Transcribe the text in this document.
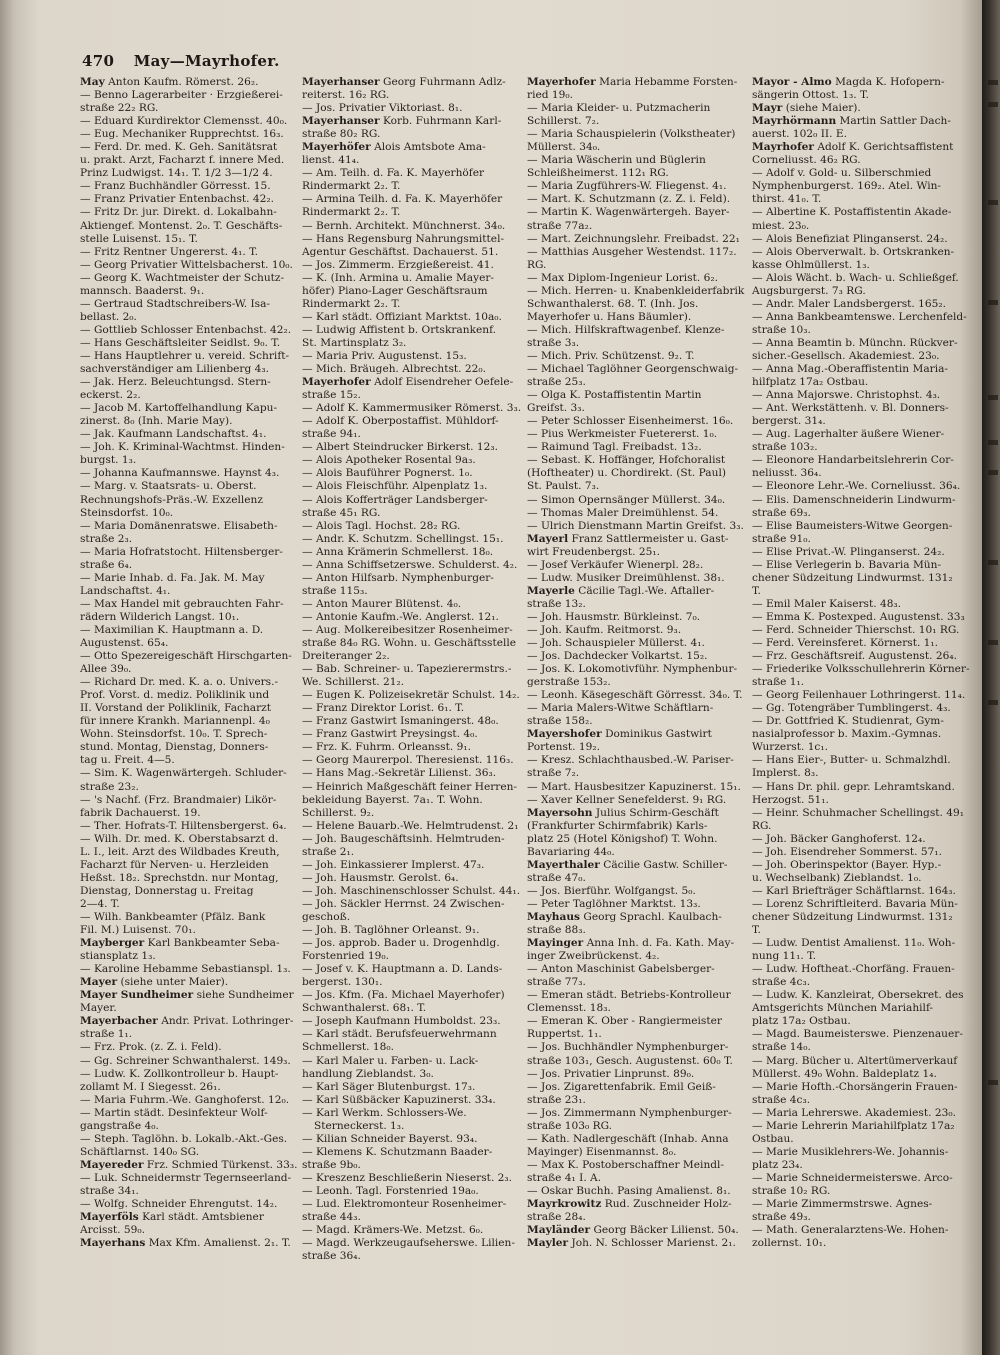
470 May—Mayrhofer.
May Anton Kaufm. Römerst. 26₂.
— Benno Lagerarbeiter · Erzgießerei-
straße 22₂ RG.
— Eduard Kurdirektor Clemensst. 40₀.
— Eug. Mechaniker Rupprechtst. 16₃.
— Ferd. Dr. med. K. Geh. Sanitätsrat
u. prakt. Arzt, Facharzt f. innere Med.
Prinz Ludwigst. 14₁. T. 1/2 3—1/2 4.
— Franz Buchhändler Görresst. 15.
— Franz Privatier Entenbachst. 42₂.
— Fritz Dr. jur. Direkt. d. Lokalbahn-
Aktiengef. Montenst. 2₀. T. Geschäfts-
stelle Luisenst. 15₁. T.
— Fritz Rentner Ungererst. 4₁. T.
— Georg Privatier Wittelsbacherst. 10₀.
— Georg K. Wachtmeister der Schutz-
mannsch. Baaderst. 9₁.
— Gertraud Stadtschreibers-W. Isa-
bellast. 2₀.
— Gottlieb Schlosser Entenbachst. 42₂.
— Hans Geschäftsleiter Seidlst. 9₀. T.
— Hans Hauptlehrer u. vereid. Schrift-
sachverständiger am Lilienberg 4₃.
— Jak. Herz. Beleuchtungsd. Stern-
eckerst. 2₂.
— Jacob M. Kartoffelhandlung Kapu-
zinerst. 8₀ (Inh. Marie May).
— Jak. Kaufmann Landschaftst. 4₁.
— Joh. K. Kriminal-Wachtmst. Hinden-
burgst. 1₃.
— Johanna Kaufmannswe. Haynst 4₃.
— Marg. v. Staatsrats- u. Oberst.
Rechnungshofs-Präs.-W. Exzellenz
Steinsdorfst. 10₀.
— Maria Domänenratswe. Elisabeth-
straße 2₃.
— Maria Hofratstocht. Hiltensberger-
straße 6₄.
— Marie Inhab. d. Fa. Jak. M. May
Landschaftst. 4₁.
— Max Handel mit gebrauchten Fahr-
rädern Wilderich Langst. 10₁.
— Maximilian K. Hauptmann a. D.
Augustenst. 65₄.
— Otto Spezereigeschäft Hirschgarten-
Allee 39₀.
— Richard Dr. med. K. a. o. Univers.-
Prof. Vorst. d. mediz. Poliklinik und
II. Vorstand der Poliklinik, Facharzt
für innere Krankh. Mariannenpl. 4₀
Wohn. Steinsdorfst. 10₀. T. Sprech-
stund. Montag, Dienstag, Donners-
tag u. Freit. 4—5.
— Sim. K. Wagenwärtergeh. Schluder-
straße 23₂.
— 's Nachf. (Frz. Brandmaier) Likör-
fabrik Dachauerst. 19.
— Ther. Hofrats-T. Hiltensbergerst. 6₄.
— Wilh. Dr. med. K. Oberstabsarzt d.
L. I., leit. Arzt des Wildbades Kreuth,
Facharzt für Nerven- u. Herzleiden
Heßst. 18₂. Sprechstdn. nur Montag,
Dienstag, Donnerstag u. Freitag
2—4. T.
— Wilh. Bankbeamter (Pfälz. Bank
Fil. M.) Luisenst. 70₁.
Mayberger Karl Bankbeamter Seba-
stiansplatz 1₃.
— Karoline Hebamme Sebastianspl. 1₃.
Mayer (siehe unter Maier).
Mayer Sundheimer siehe Sundheimer
Mayer.
Mayerbacher Andr. Privat. Lothringer-
straße 1₁.
— Frz. Prok. (z. Z. i. Feld).
— Gg. Schreiner Schwanthalerst. 149₃.
— Ludw. K. Zollkontrolleur b. Haupt-
zollamt M. I Siegesst. 26₁.
— Maria Fuhrm.-We. Ganghoferst. 12₀.
— Martin städt. Desinfekteur Wolf-
gangstraße 4₀.
— Steph. Taglöhn. b. Lokalb.-Akt.-Ges.
Schäftlarnst. 140₀ SG.
Mayereder Frz. Schmied Türkenst. 33₃.
— Luk. Schneidermstr Tegernseerland-
straße 34₁.
— Wolfg. Schneider Ehrengutst. 14₂.
Mayerföls Karl städt. Amtsbiener
Arcisst. 59₀.
Mayerhans Max Kfm. Amalienst. 2₁. T.
Mayerhanser Georg Fuhrmann Adlz-
reiterst. 16₂ RG.
— Jos. Privatier Viktoriast. 8₁.
Mayerhanser Korb. Fuhrmann Karl-
straße 80₂ RG.
Mayerhöfer Alois Amtsbote Ama-
lienst. 41₄.
— Am. Teilh. d. Fa. K. Mayerhöfer
Rindermarkt 2₂. T.
— Armina Teilh. d. Fa. K. Mayerhöfer
Rindermarkt 2₂. T.
— Bernh. Architekt. Münchnerst. 34₀.
— Hans Regensburg Nahrungsmittel-
Agentur Geschäftst. Dachauerst. 51.
— Jos. Zimmerm. Erzgießereist. 41.
— K. (Inh. Armina u. Amalie Mayer-
höfer) Piano-Lager Geschäftsraum
Rindermarkt 2₂. T.
— Karl städt. Offiziant Marktst. 10a₀.
— Ludwig Affistent b. Ortskrankenf.
St. Martinsplatz 3₂.
— Maria Priv. Augustenst. 15₃.
— Mich. Bräugeh. Albrechtst. 22₀.
Mayerhofer Adolf Eisendreher Oefele-
straße 15₂.
— Adolf K. Kammermusiker Römerst. 3₃.
— Adolf K. Oberpostaffist. Mühldorf-
straße 94₁.
— Albert Steindrucker Birkerst. 12₃.
— Alois Apotheker Rosental 9a₃.
— Alois Bauführer Pognerst. 1₀.
— Alois Fleischführ. Alpenplatz 1₃.
— Alois Kofferträger Landsberger-
straße 45₁ RG.
— Alois Tagl. Hochst. 28₂ RG.
— Andr. K. Schutzm. Schellingst. 15₁.
— Anna Krämerin Schmellerst. 18₀.
— Anna Schiffsetzerswe. Schulderst. 4₂.
— Anton Hilfsarb. Nymphenburger-
straße 115₃.
— Anton Maurer Blütenst. 4₀.
— Antonie Kaufm.-We. Anglerst. 12₁.
— Aug. Molkereibesitzer Rosenheimer-
straße 84₀ RG. Wohn. u. Geschäftsstelle
Dreiteranger 2₂.
— Bab. Schreiner- u. Tapezierermstrs.-
We. Schillerst. 21₂.
— Eugen K. Polizeisekretär Schulst. 14₂.
— Franz Direktor Lorist. 6₁. T.
— Franz Gastwirt Ismaningerst. 48₀.
— Franz Gastwirt Preysingst. 4₀.
— Frz. K. Fuhrm. Orleansst. 9₁.
— Georg Maurerpol. Theresienst. 116₃.
— Hans Mag.-Sekretär Lilienst. 36₃.
— Heinrich Maßgeschäft feiner Herren-
bekleidung Bayerst. 7a₁. T. Wohn.
Schillerst. 9₂.
— Helene Bauarb.-We. Helmtrudenst. 2₁
— Joh. Baugeschäftsinh. Helmtruden-
straße 2₁.
— Joh. Einkassierer Implerst. 47₃.
— Joh. Hausmstr. Gerolst. 6₄.
— Joh. Maschinenschlosser Schulst. 44₁.
— Joh. Säckler Herrnst. 24 Zwischen-
geschoß.
— Joh. B. Taglöhner Orleanst. 9₁.
— Jos. approb. Bader u. Drogenhdlg.
Forstenried 19₀.
— Josef v. K. Hauptmann a. D. Lands-
bergerst. 130₁.
— Jos. Kfm. (Fa. Michael Mayerhofer)
Schwanthalerst. 68₁. T.
— Joseph Kaufmann Humboldst. 23₃.
— Karl städt. Berufsfeuerwehrmann
Schmellerst. 18₀.
— Karl Maler u. Farben- u. Lack-
handlung Zieblandst. 3₀.
— Karl Säger Blutenburgst. 17₃.
— Karl Süßbäcker Kapuzinerst. 33₄.
— Karl Werkm. Schlossers-We. Sterneckerst. 1₃.
— Kilian Schneider Bayerst. 93₄.
— Klemens K. Schutzmann Baader-
straße 9b₀.
— Kreszenz Beschließerin Nieserst. 2₃.
— Leonh. Tagl. Forstenried 19a₀.
— Lud. Elektromonteur Rosenheimer-
straße 44₃.
— Magd. Krämers-We. Metzst. 6₀.
— Magd. Werkzeugaufseherswe. Lilien-
straße 36₄.
Mayerhofer Maria Hebamme Forsten-
ried 19₀.
— Maria Kleider- u. Putzmacherin
Schillerst. 7₂.
— Maria Schauspielerin (Volkstheater)
Müllerst. 34₀.
— Maria Wäscherin und Büglerin
Schleißheimerst. 112₁ RG.
— Maria Zugführers-W. Fliegenst. 4₁.
— Mart. K. Schutzmann (z. Z. i. Feld).
— Martin K. Wagenwärtergeh. Bayer-
straße 77a₂.
— Mart. Zeichnungslehr. Freibadst. 22₁
— Matthias Ausgeher Westendst. 117₂.
RG.
— Max Diplom-Ingenieur Lorist. 6₂.
— Mich. Herren- u. Knabenkleiderfabrik
Schwanthalerst. 68. T. (Inh. Jos.
Mayerhofer u. Hans Bäumler).
— Mich. Hilfskraftwagenbef. Klenze-
straße 3₃.
— Mich. Priv. Schützenst. 9₂. T.
— Michael Taglöhner Georgenschwaig-
straße 25₃.
— Olga K. Postaffistentin Martin
Greifst. 3₃.
— Peter Schlosser Eisenheimerst. 16₀.
— Pius Werkmeister Fuetererst. 1₀.
— Raimund Tagl. Freibadst. 13₂.
— Sebast. K. Hoffänger, Hofchoralist
(Hoftheater) u. Chordirekt. (St. Paul)
St. Paulst. 7₃.
— Simon Opernsänger Müllerst. 34₀.
— Thomas Maler Dreimühlenst. 54.
— Ulrich Dienstmann Martin Greifst. 3₃.
Mayerl Franz Sattlermeister u. Gast-
wirt Freudenbergst. 25₁.
— Josef Verkäufer Wienerpl. 28₂.
— Ludw. Musiker Dreimühlenst. 38₁.
Mayerle Cäcilie Tagl.-We. Aftaller-
straße 13₂.
— Joh. Hausmstr. Bürkleinst. 7₀.
— Joh. Kaufm. Reitmorst. 9₃.
— Joh. Schauspieler Müllerst. 4₁.
— Jos. Dachdecker Volkartst. 15₂.
— Jos. K. Lokomotivführ. Nymphenbur-
gerstraße 153₂.
— Leonh. Käsegeschäft Görresst. 34₀. T.
— Maria Malers-Witwe Schäftlarn-
straße 158₂.
Mayershofer Dominikus Gastwirt
Portenst. 19₂.
— Kresz. Schlachthausbed.-W. Pariser-
straße 7₂.
— Mart. Hausbesitzer Kapuzinerst. 15₁.
— Xaver Kellner Senefelderst. 9₁ RG.
Mayersohn Julius Schirm-Geschäft
(Frankfurter Schirmfabrik) Karls-
platz 25 (Hotel Königshof) T. Wohn.
Bavariaring 44₀.
Mayerthaler Cäcilie Gastw. Schiller-
straße 47₀.
— Jos. Bierführ. Wolfgangst. 5₀.
— Peter Taglöhner Marktst. 13₃.
Mayhaus Georg Sprachl. Kaulbach-
straße 88₃.
Mayinger Anna Inh. d. Fa. Kath. May-
inger Zweibrückenst. 4₂.
— Anton Maschinist Gabelsberger-
straße 77₃.
— Emeran städt. Betriebs-Kontrolleur
Clemensst. 18₃.
— Emeran K. Ober - Rangiermeister
Ruppertst. 1₁.
— Jos. Buchhändler Nymphenburger-
straße 103₁, Gesch. Augustenst. 60₀ T.
— Jos. Privatier Linprunst. 89₀.
— Jos. Zigarettenfabrik. Emil Geiß-
straße 23₁.
— Jos. Zimmermann Nymphenburger-
straße 103₀ RG.
— Kath. Nadlergeschäft (Inhab. Anna
Mayinger) Eisenmannst. 8₀.
— Max K. Postoberschaffner Meindl-
straße 4₁ I. A.
— Oskar Buchh. Pasing Amalienst. 8₁.
Mayrkrowitz Rud. Zuschneider Holz-
straße 28₄.
Mayländer Georg Bäcker Lilienst. 50₄.
Mayler Joh. N. Schlosser Marienst. 2₁.
Mayor - Almo Magda K. Hofopern-
sängerin Ottost. 1₃. T.
Mayr (siehe Maier).
Mayrhörmann Martin Sattler Dach-
auerst. 102₀ II. E.
Mayrhofer Adolf K. Gerichtsaffistent
Corneliusst. 46₂ RG.
— Adolf v. Gold- u. Silberschmied
Nymphenburgerst. 169₂. Atel. Win-
thirst. 41₀. T.
— Albertine K. Postaffistentin Akade-
miest. 23₀.
— Alois Benefiziat Plinganserst. 24₂.
— Alois Oberverwalt. b. Ortskranken-
kasse Ohlmüllerst. 1₃.
— Alois Wächt. b. Wach- u. Schließgef.
Augsburgerst. 7₃ RG.
— Andr. Maler Landsbergerst. 165₂.
— Anna Bankbeamtenswe. Lerchenfeld-
straße 10₃.
— Anna Beamtin b. Münchn. Rückver-
sicher.-Gesellsch. Akademiest. 23₀.
— Anna Mag.-Oberaffistentin Maria-
hilfplatz 17a₂ Ostbau.
— Anna Majorswe. Christophst. 4₃.
— Ant. Werkstättenh. v. Bl. Donners-
bergerst. 31₄.
— Aug. Lagerhalter äußere Wiener-
straße 103₂.
— Eleonore Handarbeitslehrerin Cor-
neliusst. 36₄.
— Eleonore Lehr.-We. Corneliusst. 36₄.
— Elis. Damenschneiderin Lindwurm-
straße 69₃.
— Elise Baumeisters-Witwe Georgen-
straße 91₀.
— Elise Privat.-W. Plinganserst. 24₂.
— Elise Verlegerin b. Bavaria Mün-
chener Südzeitung Lindwurmst. 131₂
T.
— Emil Maler Kaiserst. 48₃.
— Emma K. Postexped. Augustenst. 33₃
— Ferd. Schneider Thierschst. 10₁ RG.
— Ferd. Vereinsferet. Körnerst. 1₁.
— Frz. Geschäftsreif. Augustenst. 26₄.
— Friederike Volksschullehrerin Körner-
straße 1₁.
— Georg Feilenhauer Lothringerst. 11₄.
— Gg. Totengräber Tumblingerst. 4₃.
— Dr. Gottfried K. Studienrat, Gym-
nasialprofessor b. Maxim.-Gymnas.
Wurzerst. 1c₁.
— Hans Eier-, Butter- u. Schmalzhdl.
Implerst. 8₃.
— Hans Dr. phil. gepr. Lehramtskand.
Herzogst. 51₁.
— Heinr. Schuhmacher Schellingst. 49₁
RG.
— Joh. Bäcker Ganghoferst. 12₄.
— Joh. Eisendreher Sommerst. 57₁.
— Joh. Oberinspektor (Bayer. Hyp.-
u. Wechselbank) Zieblandst. 1₀.
— Karl Briefträger Schäftlarnst. 164₃.
— Lorenz Schriftleiterd. Bavaria Mün-
chener Südzeitung Lindwurmst. 131₂
T.
— Ludw. Dentist Amalienst. 11₀. Woh-
nung 11₁. T.
— Ludw. Hoftheat.-Chorfäng. Frauen-
straße 4c₃.
— Ludw. K. Kanzleirat, Obersekret. des
Amtsgerichts München Mariahilf-
platz 17a₂ Ostbau.
— Magd. Baumeisterswe. Pienzenauer-
straße 14₀.
— Marg. Bücher u. Altertümerverkauf
Müllerst. 49₀ Wohn. Baldeplatz 1₄.
— Marie Hofth.-Chorsängerin Frauen-
straße 4c₃.
— Maria Lehrerswe. Akademiest. 23₀.
— Marie Lehrerin Mariahilfplatz 17a₂
Ostbau.
— Marie Musiklehrers-We. Johannis-
platz 23₄.
— Marie Schneidermeisterswe. Arco-
straße 10₂ RG.
— Marie Zimmermstrswe. Agnes-
straße 49₃.
— Math. Generalarztens-We. Hohen-
zollernst. 10₁.
